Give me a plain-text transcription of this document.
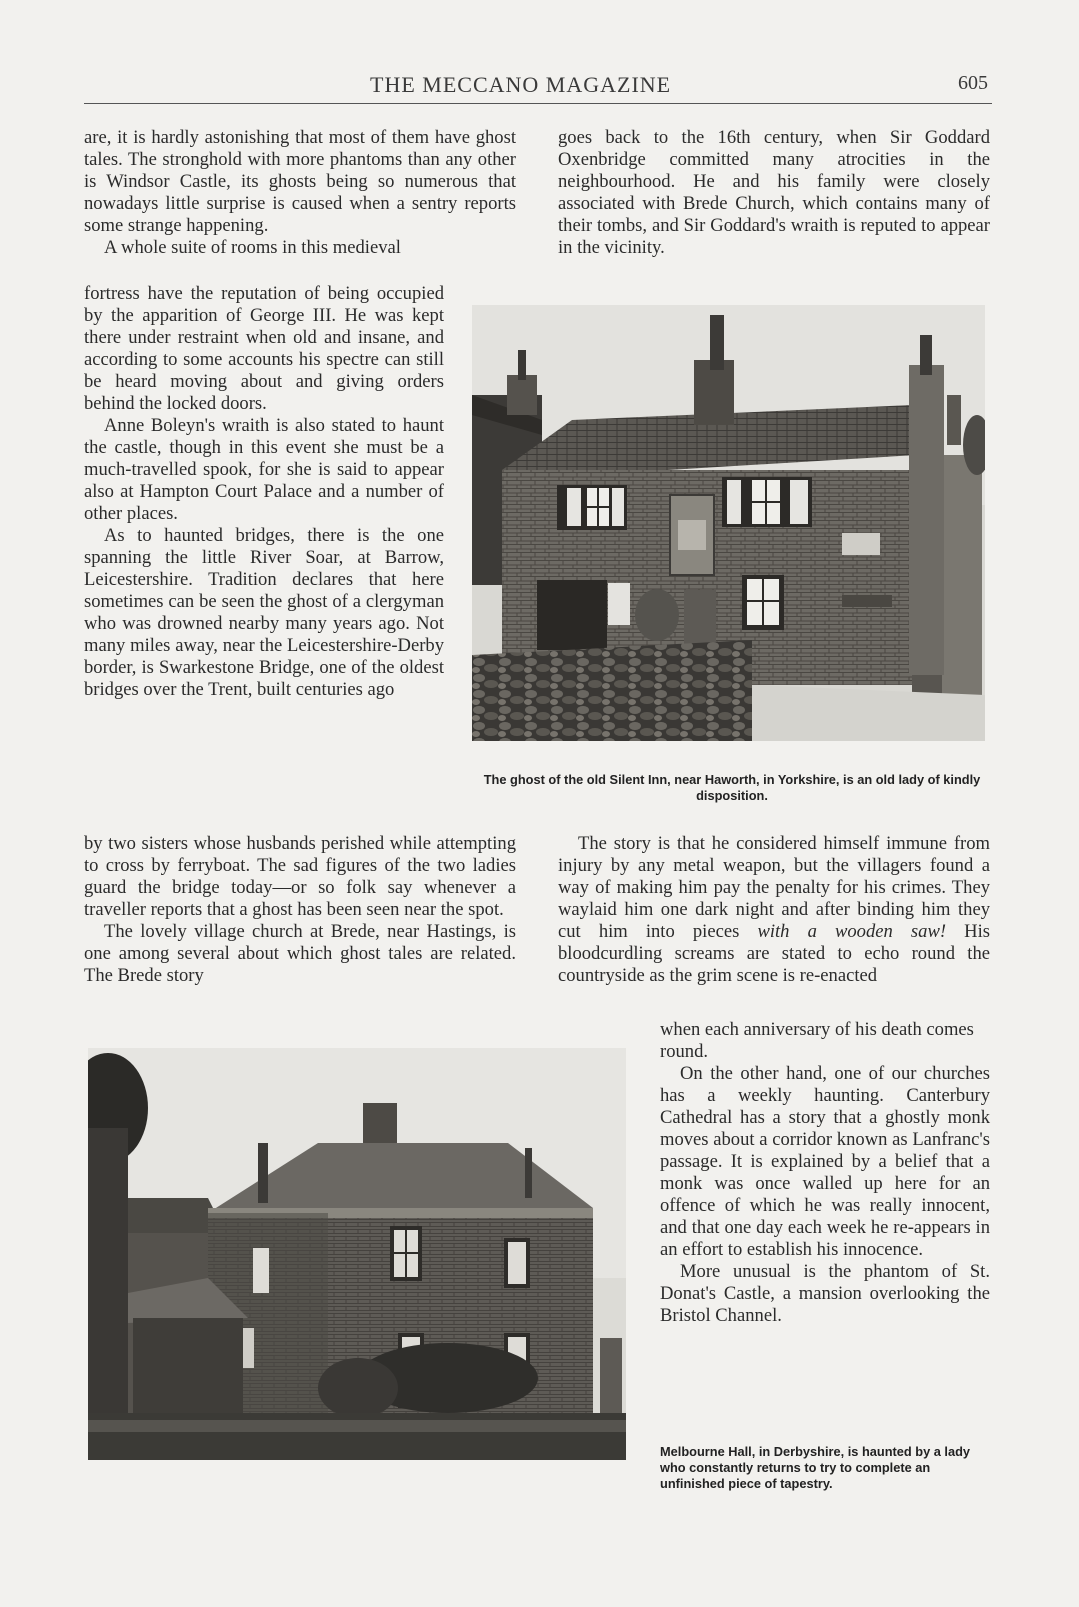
THE MECCANO MAGAZINE	605

are, it is hardly astonishing that most of them have ghost tales. The stronghold with more phantoms than any other is Windsor Castle, its ghosts being so numerous that nowadays little surprise is caused when a sentry reports some strange happening.

A whole suite of rooms in this medieval

fortress have the reputation of being occupied by the apparition of George III. He was kept there under restraint when old and insane, and according to some accounts his spectre can still be heard moving about and giving orders behind the locked doors.

Anne Boleyn's wraith is also stated to haunt the castle, though in this event she must be a much-travelled spook, for she is said to appear also at Hampton Court Palace and a number of other places.

As to haunted bridges, there is the one spanning the little River Soar, at Barrow, Leicestershire. Tradition declares that here sometimes can be seen the ghost of a clergyman who was drowned nearby many years ago. Not many miles away, near the Leicestershire-Derby border, is Swarkestone Bridge, one of the oldest bridges over the Trent, built centuries ago

by two sisters whose husbands perished while attempting to cross by ferryboat. The sad figures of the two ladies guard the bridge today—or so folk say whenever a traveller reports that a ghost has been seen near the spot.

The lovely village church at Brede, near Hastings, is one among several about which ghost tales are related. The Brede story

goes back to the 16th century, when Sir Goddard Oxenbridge committed many atrocities in the neighbourhood. He and his family were closely associated with Brede Church, which contains many of their tombs, and Sir Goddard's wraith is reputed to appear in the vicinity.

The ghost of the old Silent Inn, near Haworth, in Yorkshire, is an old lady of kindly disposition.

The story is that he considered himself immune from injury by any metal weapon, but the villagers found a way of making him pay the penalty for his crimes. They waylaid him one dark night and after binding him they cut him into pieces with a wooden saw! His bloodcurdling screams are stated to echo round the countryside as the grim scene is re-enacted

when each anniversary of his death comes round.

On the other hand, one of our churches has a weekly haunting. Canterbury Cathedral has a story that a ghostly monk moves about a corridor known as Lanfranc's passage. It is explained by a belief that a monk was once walled up here for an offence of which he was really innocent, and that one day each week he re-appears in an effort to establish his innocence.

More unusual is the phantom of St. Donat's Castle, a mansion overlooking the Bristol Channel.

Melbourne Hall, in Derbyshire, is haunted by a lady who constantly returns to try to complete an unfinished piece of tapestry.
